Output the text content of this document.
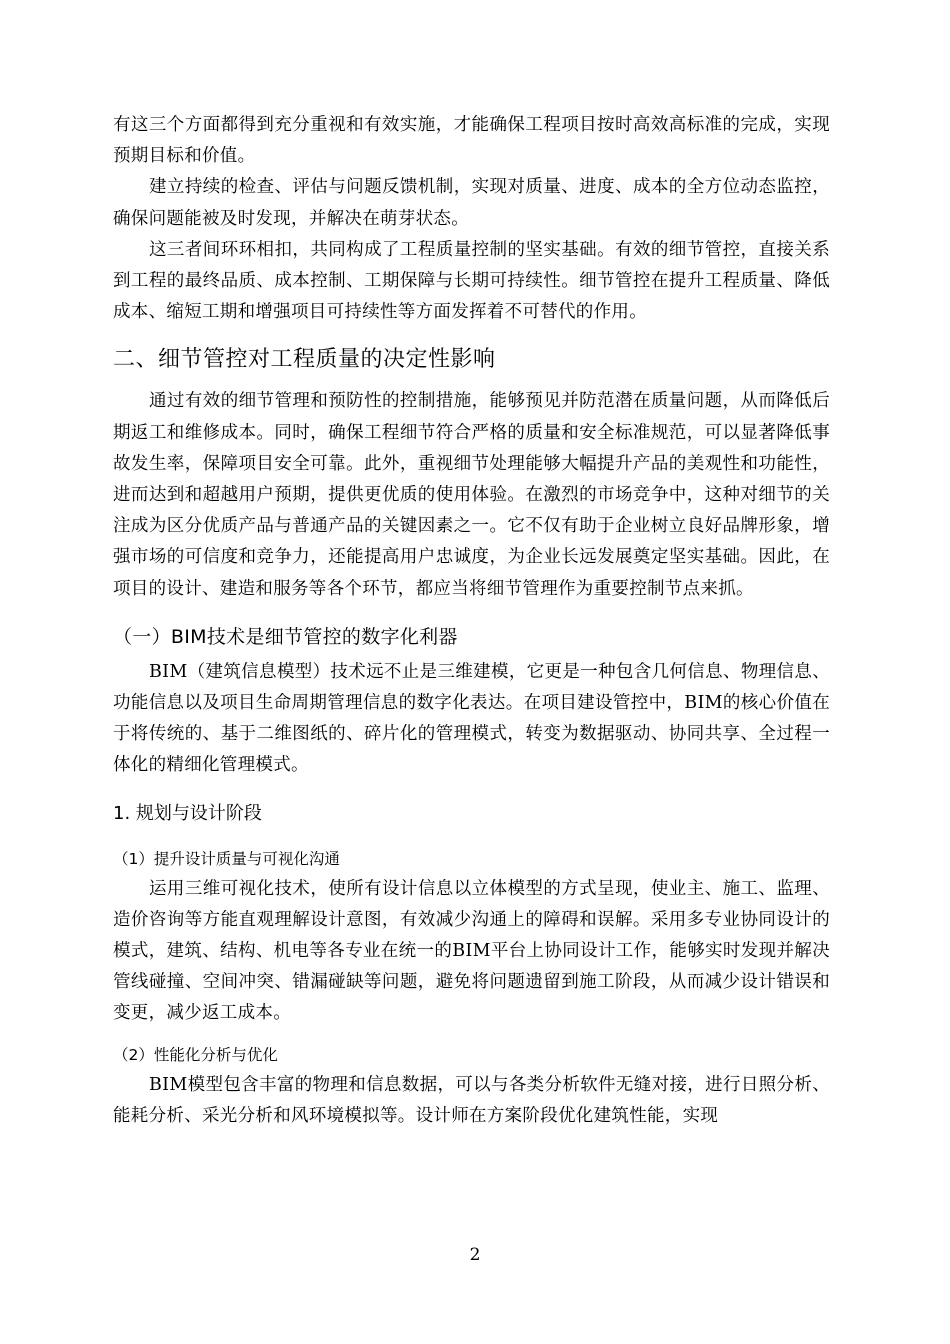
有这三个方面都得到充分重视和有效实施，才能确保工程项目按时高效高标准的完成，实现预期目标和价值。

建立持续的检查、评估与问题反馈机制，实现对质量、进度、成本的全方位动态监控，确保问题能被及时发现，并解决在萌芽状态。

这三者间环环相扣，共同构成了工程质量控制的坚实基础。有效的细节管控，直接关系到工程的最终品质、成本控制、工期保障与长期可持续性。细节管控在提升工程质量、降低成本、缩短工期和增强项目可持续性等方面发挥着不可替代的作用。

二、细节管控对工程质量的决定性影响

通过有效的细节管理和预防性的控制措施，能够预见并防范潜在质量问题，从而降低后期返工和维修成本。同时，确保工程细节符合严格的质量和安全标准规范，可以显著降低事故发生率，保障项目安全可靠。此外，重视细节处理能够大幅提升产品的美观性和功能性，进而达到和超越用户预期，提供更优质的使用体验。在激烈的市场竞争中，这种对细节的关注成为区分优质产品与普通产品的关键因素之一。它不仅有助于企业树立良好品牌形象，增强市场的可信度和竞争力，还能提高用户忠诚度，为企业长远发展奠定坚实基础。因此，在项目的设计、建造和服务等各个环节，都应当将细节管理作为重要控制节点来抓。

（一）BIM技术是细节管控的数字化利器

BIM（建筑信息模型）技术远不止是三维建模，它更是一种包含几何信息、物理信息、功能信息以及项目生命周期管理信息的数字化表达。在项目建设管控中，BIM的核心价值在于将传统的、基于二维图纸的、碎片化的管理模式，转变为数据驱动、协同共享、全过程一体化的精细化管理模式。

1. 规划与设计阶段
（1）提升设计质量与可视化沟通

运用三维可视化技术，使所有设计信息以立体模型的方式呈现，使业主、施工、监理、造价咨询等方能直观理解设计意图，有效减少沟通上的障碍和误解。采用多专业协同设计的模式，建筑、结构、机电等各专业在统一的BIM平台上协同设计工作，能够实时发现并解决管线碰撞、空间冲突、错漏碰缺等问题，避免将问题遗留到施工阶段，从而减少设计错误和变更，减少返工成本。

（2）性能化分析与优化

BIM模型包含丰富的物理和信息数据，可以与各类分析软件无缝对接，进行日照分析、能耗分析、采光分析和风环境模拟等。设计师在方案阶段优化建筑性能，实现

2
